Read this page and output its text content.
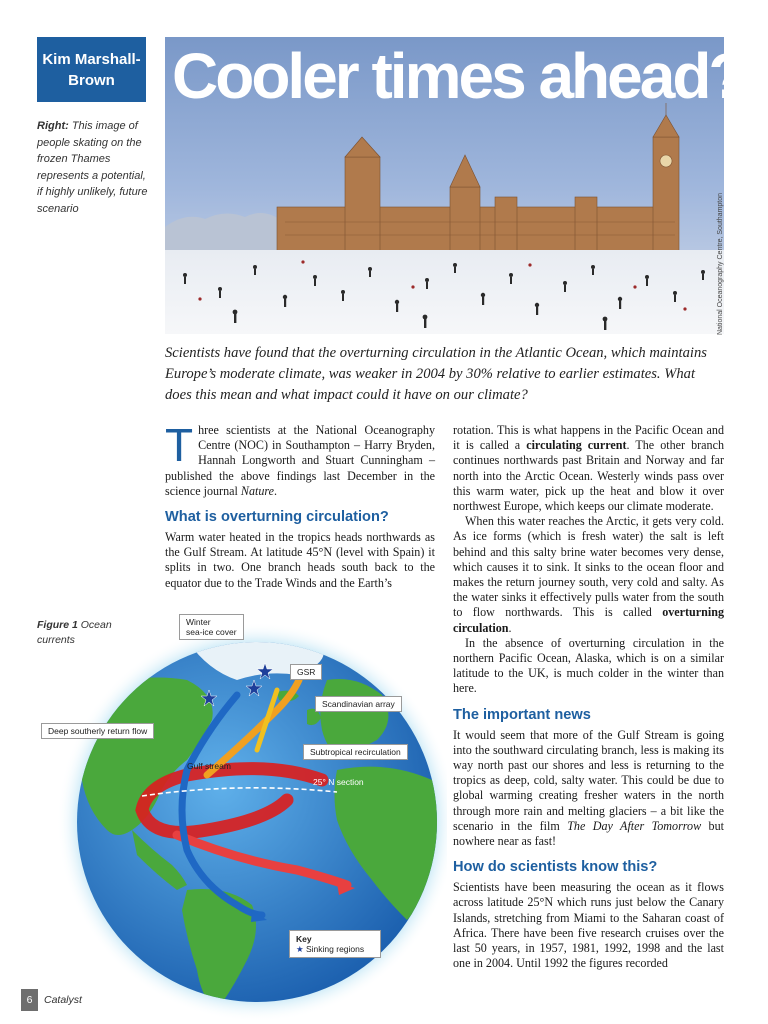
Kim Marshall-Brown
Right: This image of people skating on the frozen Thames represents a potential, if highly unlikely, future scenario
Cooler times ahead?
National Oceanography Centre, Southampton
Scientists have found that the overturning circulation in the Atlantic Ocean, which maintains Europe’s moderate climate, was weaker in 2004 by 30% relative to earlier estimates. What does this mean and what impact could it have on our climate?

Three scientists at the National Oceanography Centre (NOC) in Southampton – Harry Bryden, Hannah Longworth and Stuart Cunningham – published the above findings last December in the science journal Nature.

What is overturning circulation?

Warm water heated in the tropics heads northwards as the Gulf Stream. At latitude 45°N (level with Spain) it splits in two. One branch heads south back to the equator due to the Trade Winds and the Earth’s

rotation. This is what happens in the Pacific Ocean and it is called a circulating current. The other branch continues northwards past Britain and Norway and far north into the Arctic Ocean. Westerly winds pass over this warm water, pick up the heat and blow it over northwest Europe, which keeps our climate moderate.

When this water reaches the Arctic, it gets very cold. As ice forms (which is fresh water) the salt is left behind and this salty brine water becomes very dense, which causes it to sink. It sinks to the ocean floor and makes the return journey south, very cold and salty. As the water sinks it effectively pulls water from the south to flow northwards. This is called overturning circulation.

In the absence of overturning circulation in the northern Pacific Ocean, Alaska, which is on a similar latitude to the UK, is much colder in the winter than here.

The important news

It would seem that more of the Gulf Stream is going into the southward circulating branch, less is making its way north past our shores and less is returning to the tropics as deep, cold, salty water. This could be due to global warming creating fresher waters in the north through more rain and melting glaciers – a bit like the scenario in the film The Day After Tomorrow but nowhere near as fast!

How do scientists know this?

Scientists have been measuring the ocean as it flows across latitude 25°N which runs just below the Canary Islands, stretching from Miami to the Saharan coast of Africa. There have been five research cruises over the last 50 years, in 1957, 1981, 1992, 1998 and the last one in 2004. Until 1992 the figures recorded

Figure 1 Ocean currents
Winter
sea-ice cover
GSR
Scandinavian array
Deep southerly return flow
Subtropical recirculation
Gulf stream
25° N section
Key
★ Sinking regions
6	Catalyst
